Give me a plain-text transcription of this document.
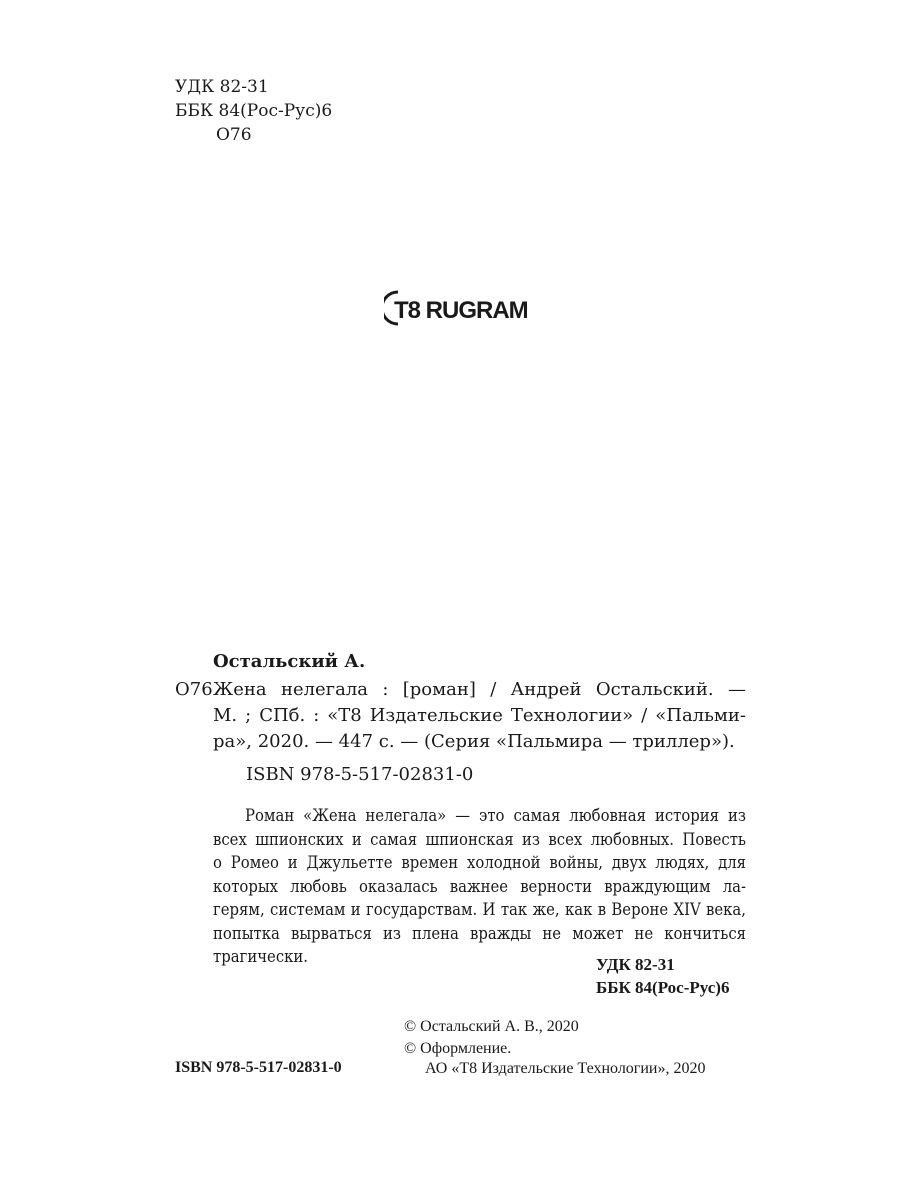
УДК 82-31
ББК 84(Рос-Рус)6
О76
T8 RUGRAM
Остальский А.
О76 Жена нелегала : [роман] / Андрей Остальский. —
М. ; СПб. : «Т8 Издательские Технологии» / «Пальми-
ра», 2020. — 447 с. — (Серия «Пальмира — триллер»).
ISBN 978-5-517-02831-0
Роман «Жена нелегала» — это самая любовная история из
всех шпионских и самая шпионская из всех любовных. Повесть
о Ромео и Джульетте времен холодной войны, двух людях, для
которых любовь оказалась важнее верности враждующим ла-
герям, системам и государствам. И так же, как в Вероне XIV века,
попытка вырваться из плена вражды не может не кончиться
трагически.	УДК 82-31
ББК 84(Рос-Рус)6
© Остальский А. В., 2020
© Оформление.
АО «Т8 Издательские Технологии», 2020
ISBN 978-5-517-02831-0
